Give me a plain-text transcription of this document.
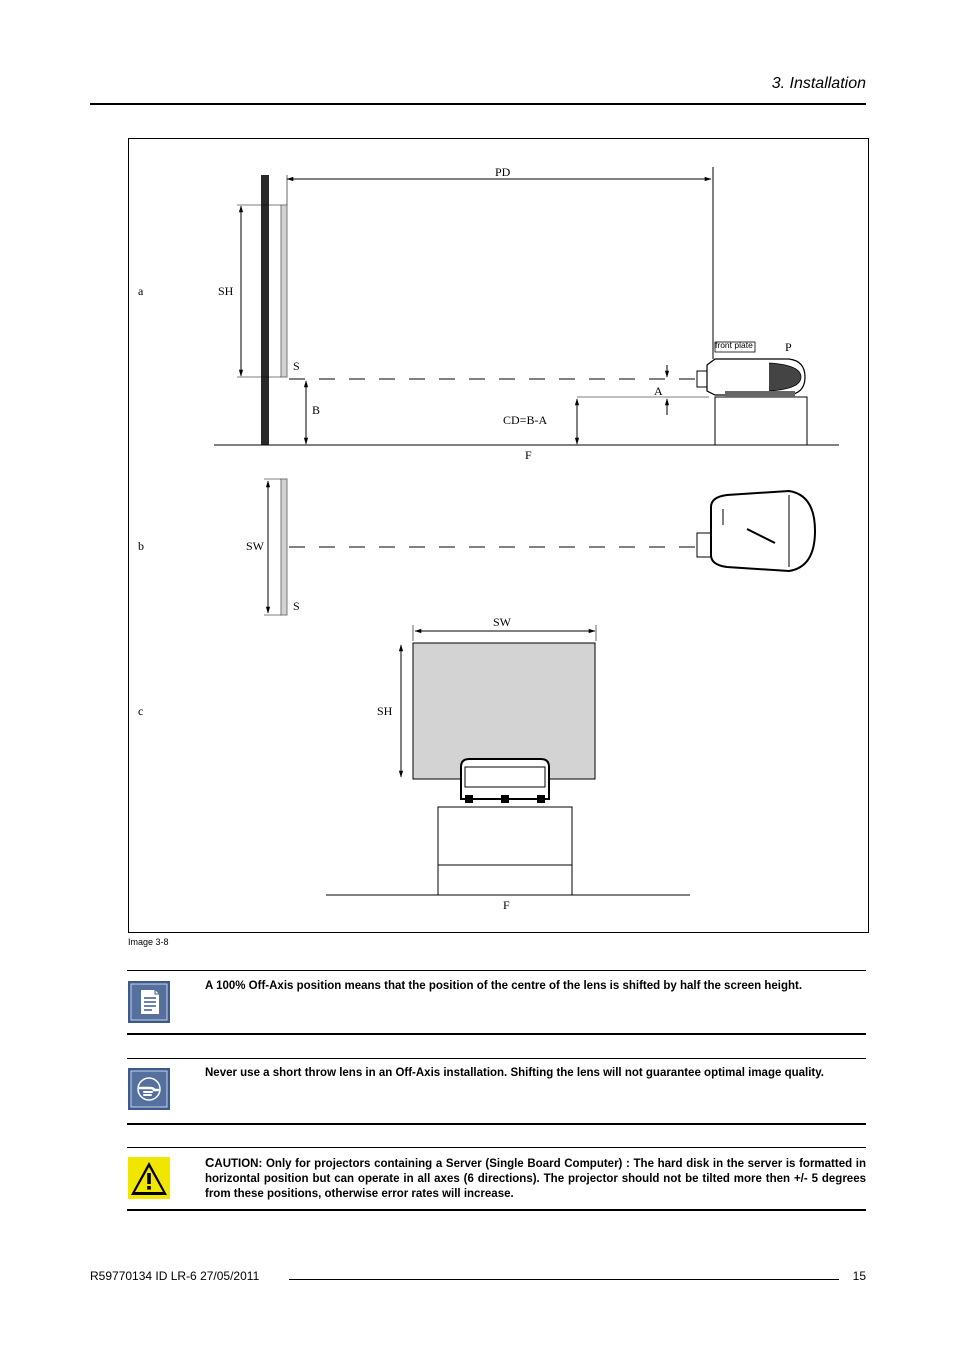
3. Installation
a
F
PD
SH
S
B
CD=B-A
A
front plate	P
b	SW
S
c
SW
SH
F
Image 3-8
A 100% Off-Axis position means that the position of the centre of the lens is shifted by half the screen height.
Never use a short throw lens in an Off-Axis installation. Shifting the lens will not guarantee optimal image quality.
CAUTION: Only for projectors containing a Server (Single Board Computer) : The hard disk in the server is formatted in horizontal position but can operate in all axes (6 directions). The projector should not be tilted more then +/- 5 degrees from these positions, otherwise error rates will increase.
R59770134 ID LR-6 27/05/2011	15
